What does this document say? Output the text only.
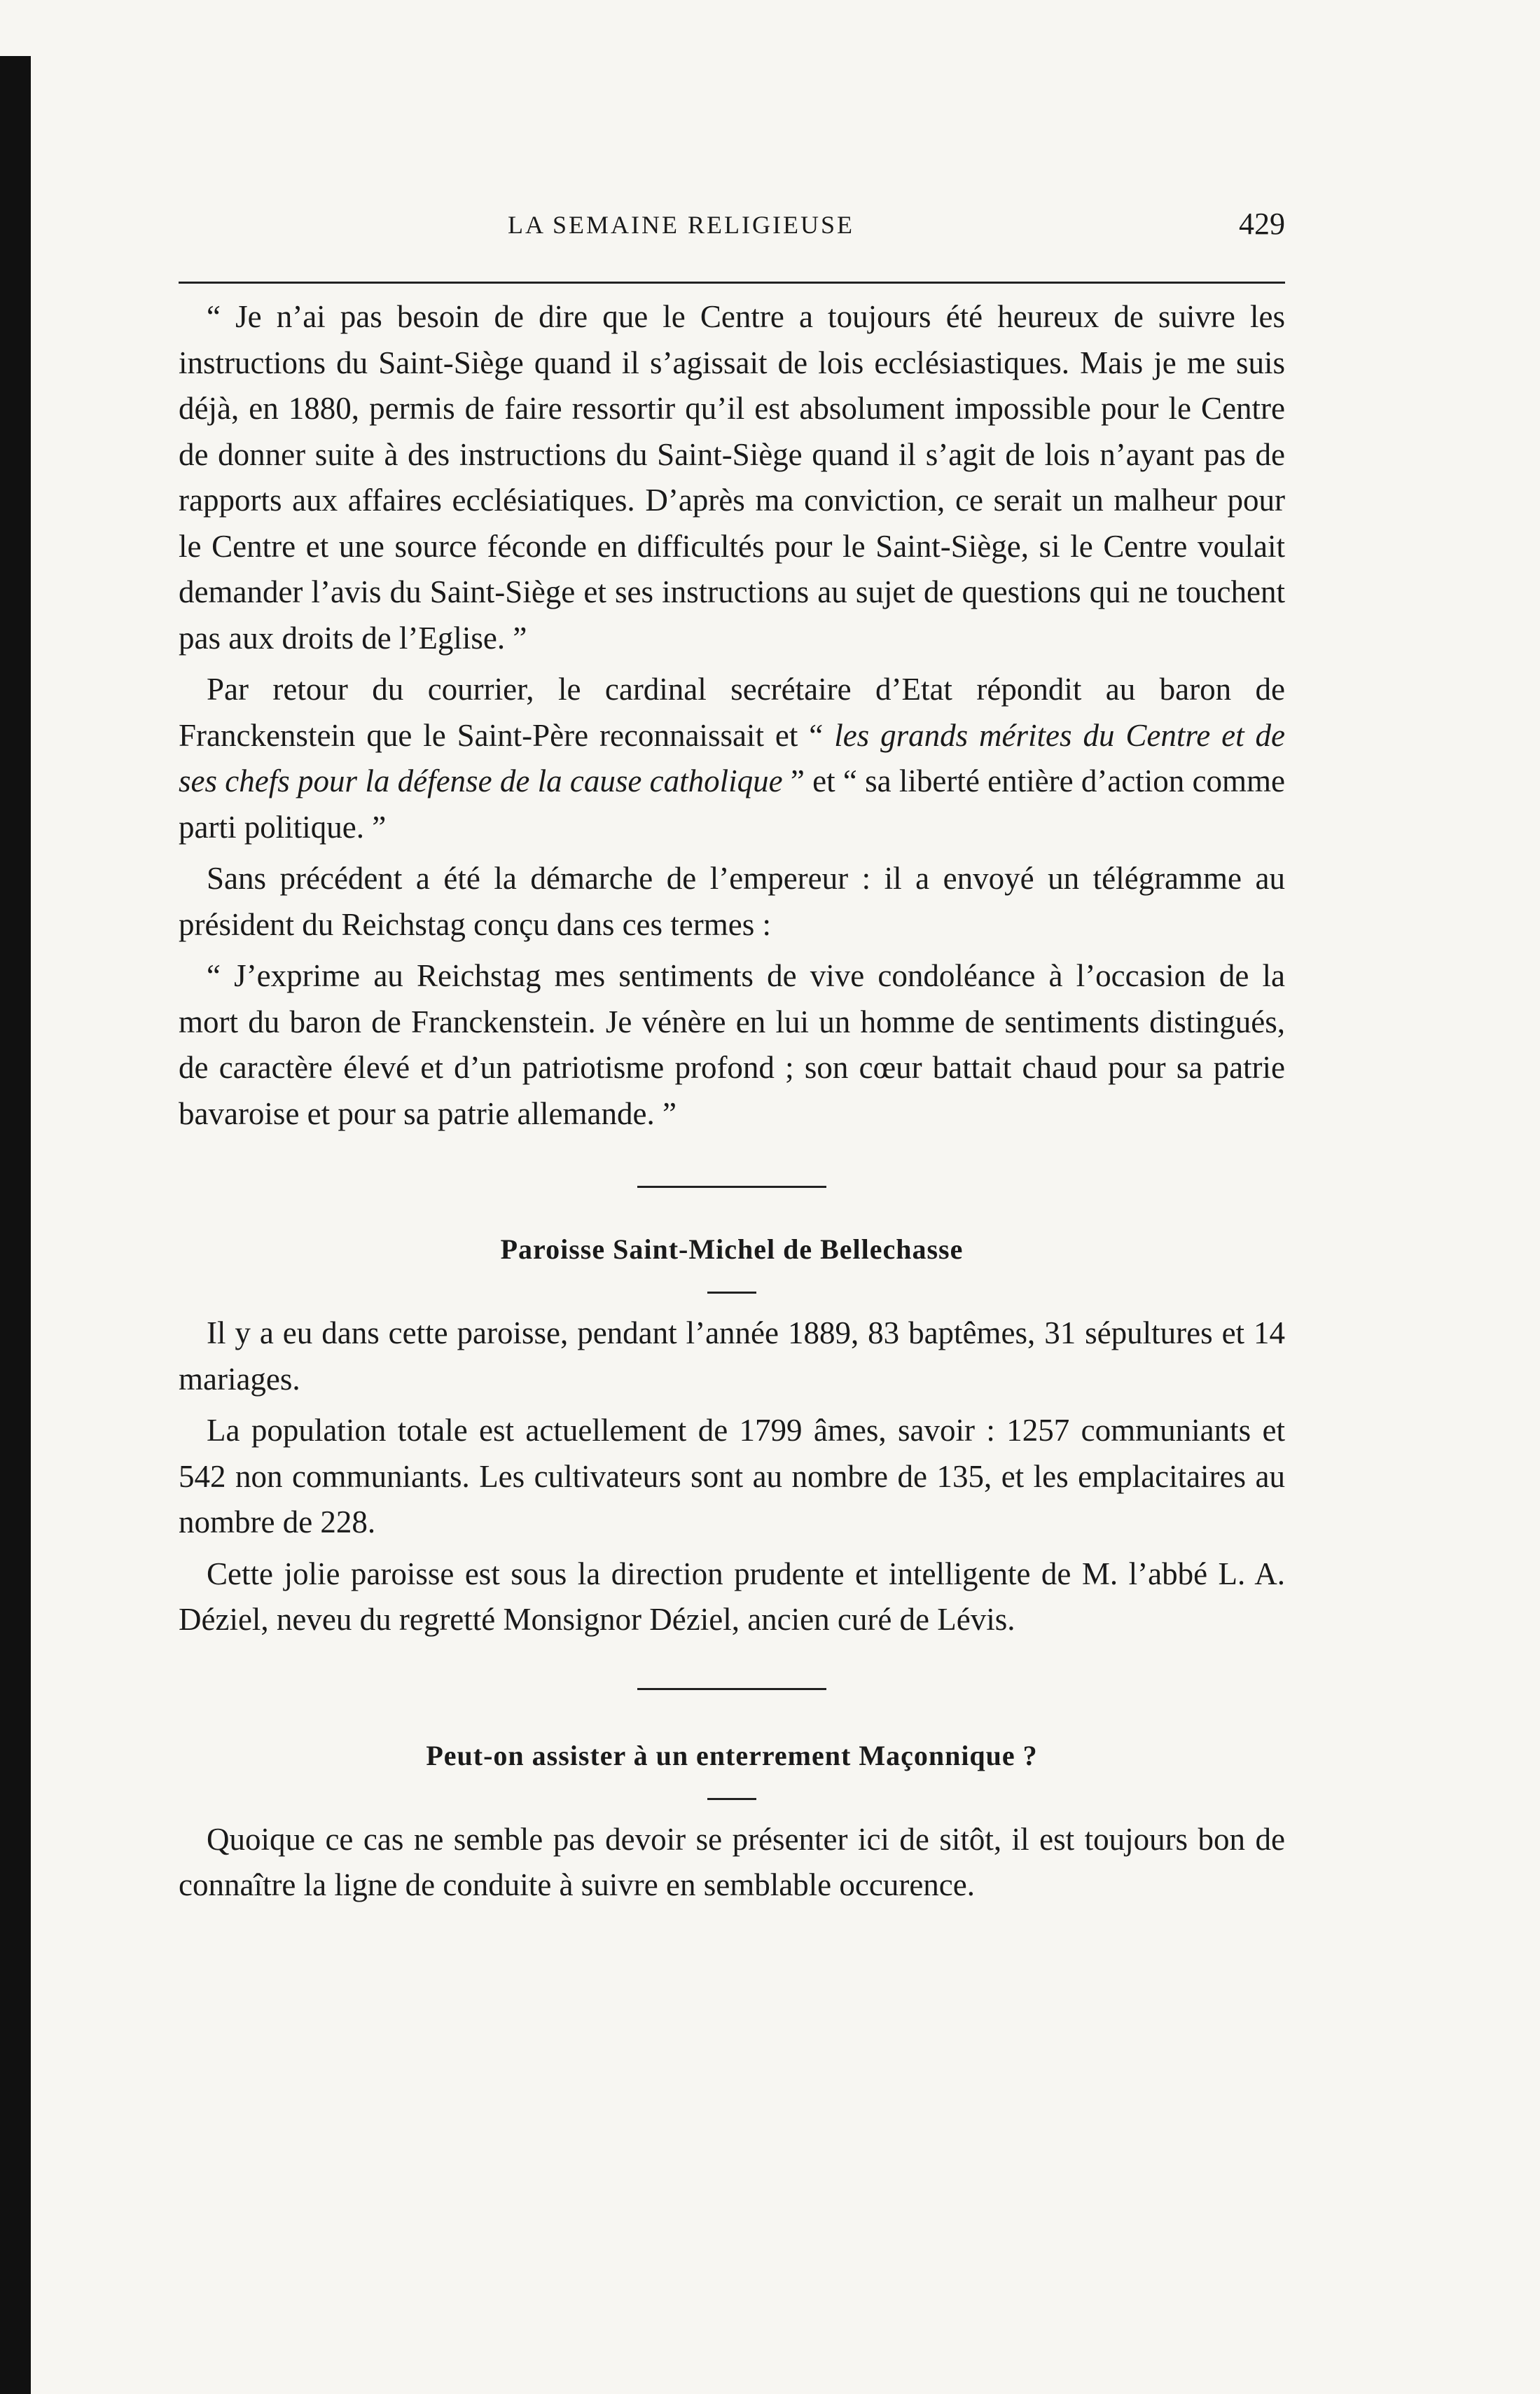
LA SEMAINE RELIGIEUSE	429

“ Je n’ai pas besoin de dire que le Centre a toujours été heureux de suivre les instructions du Saint-Siège quand il s’agissait de lois ecclésiastiques. Mais je me suis déjà, en 1880, permis de faire ressortir qu’il est absolument impossible pour le Centre de donner suite à des instructions du Saint-Siège quand il s’agit de lois n’ayant pas de rapports aux affaires ecclésiatiques. D’après ma conviction, ce serait un malheur pour le Centre et une source féconde en difficultés pour le Saint-Siège, si le Centre voulait demander l’avis du Saint-Siège et ses instructions au sujet de questions qui ne touchent pas aux droits de l’Eglise. ”

Par retour du courrier, le cardinal secrétaire d’Etat répondit au baron de Franckenstein que le Saint-Père reconnaissait et “ les grands mérites du Centre et de ses chefs pour la défense de la cause catholique ” et “ sa liberté entière d’action comme parti politique. ”

Sans précédent a été la démarche de l’empereur : il a envoyé un télégramme au président du Reichstag conçu dans ces termes :

“ J’exprime au Reichstag mes sentiments de vive condoléance à l’occasion de la mort du baron de Franckenstein. Je vénère en lui un homme de sentiments distingués, de caractère élevé et d’un patriotisme profond ; son cœur battait chaud pour sa patrie bavaroise et pour sa patrie allemande. ”

Paroisse Saint-Michel de Bellechasse

Il y a eu dans cette paroisse, pendant l’année 1889, 83 baptêmes, 31 sépultures et 14 mariages.

La population totale est actuellement de 1799 âmes, savoir : 1257 communiants et 542 non communiants. Les cultivateurs sont au nombre de 135, et les emplacitaires au nombre de 228.

Cette jolie paroisse est sous la direction prudente et intelligente de M. l’abbé L. A. Déziel, neveu du regretté Monsignor Déziel, ancien curé de Lévis.

Peut-on assister à un enterrement Maçonnique ?

Quoique ce cas ne semble pas devoir se présenter ici de sitôt, il est toujours bon de connaître la ligne de conduite à suivre en semblable occurence.
